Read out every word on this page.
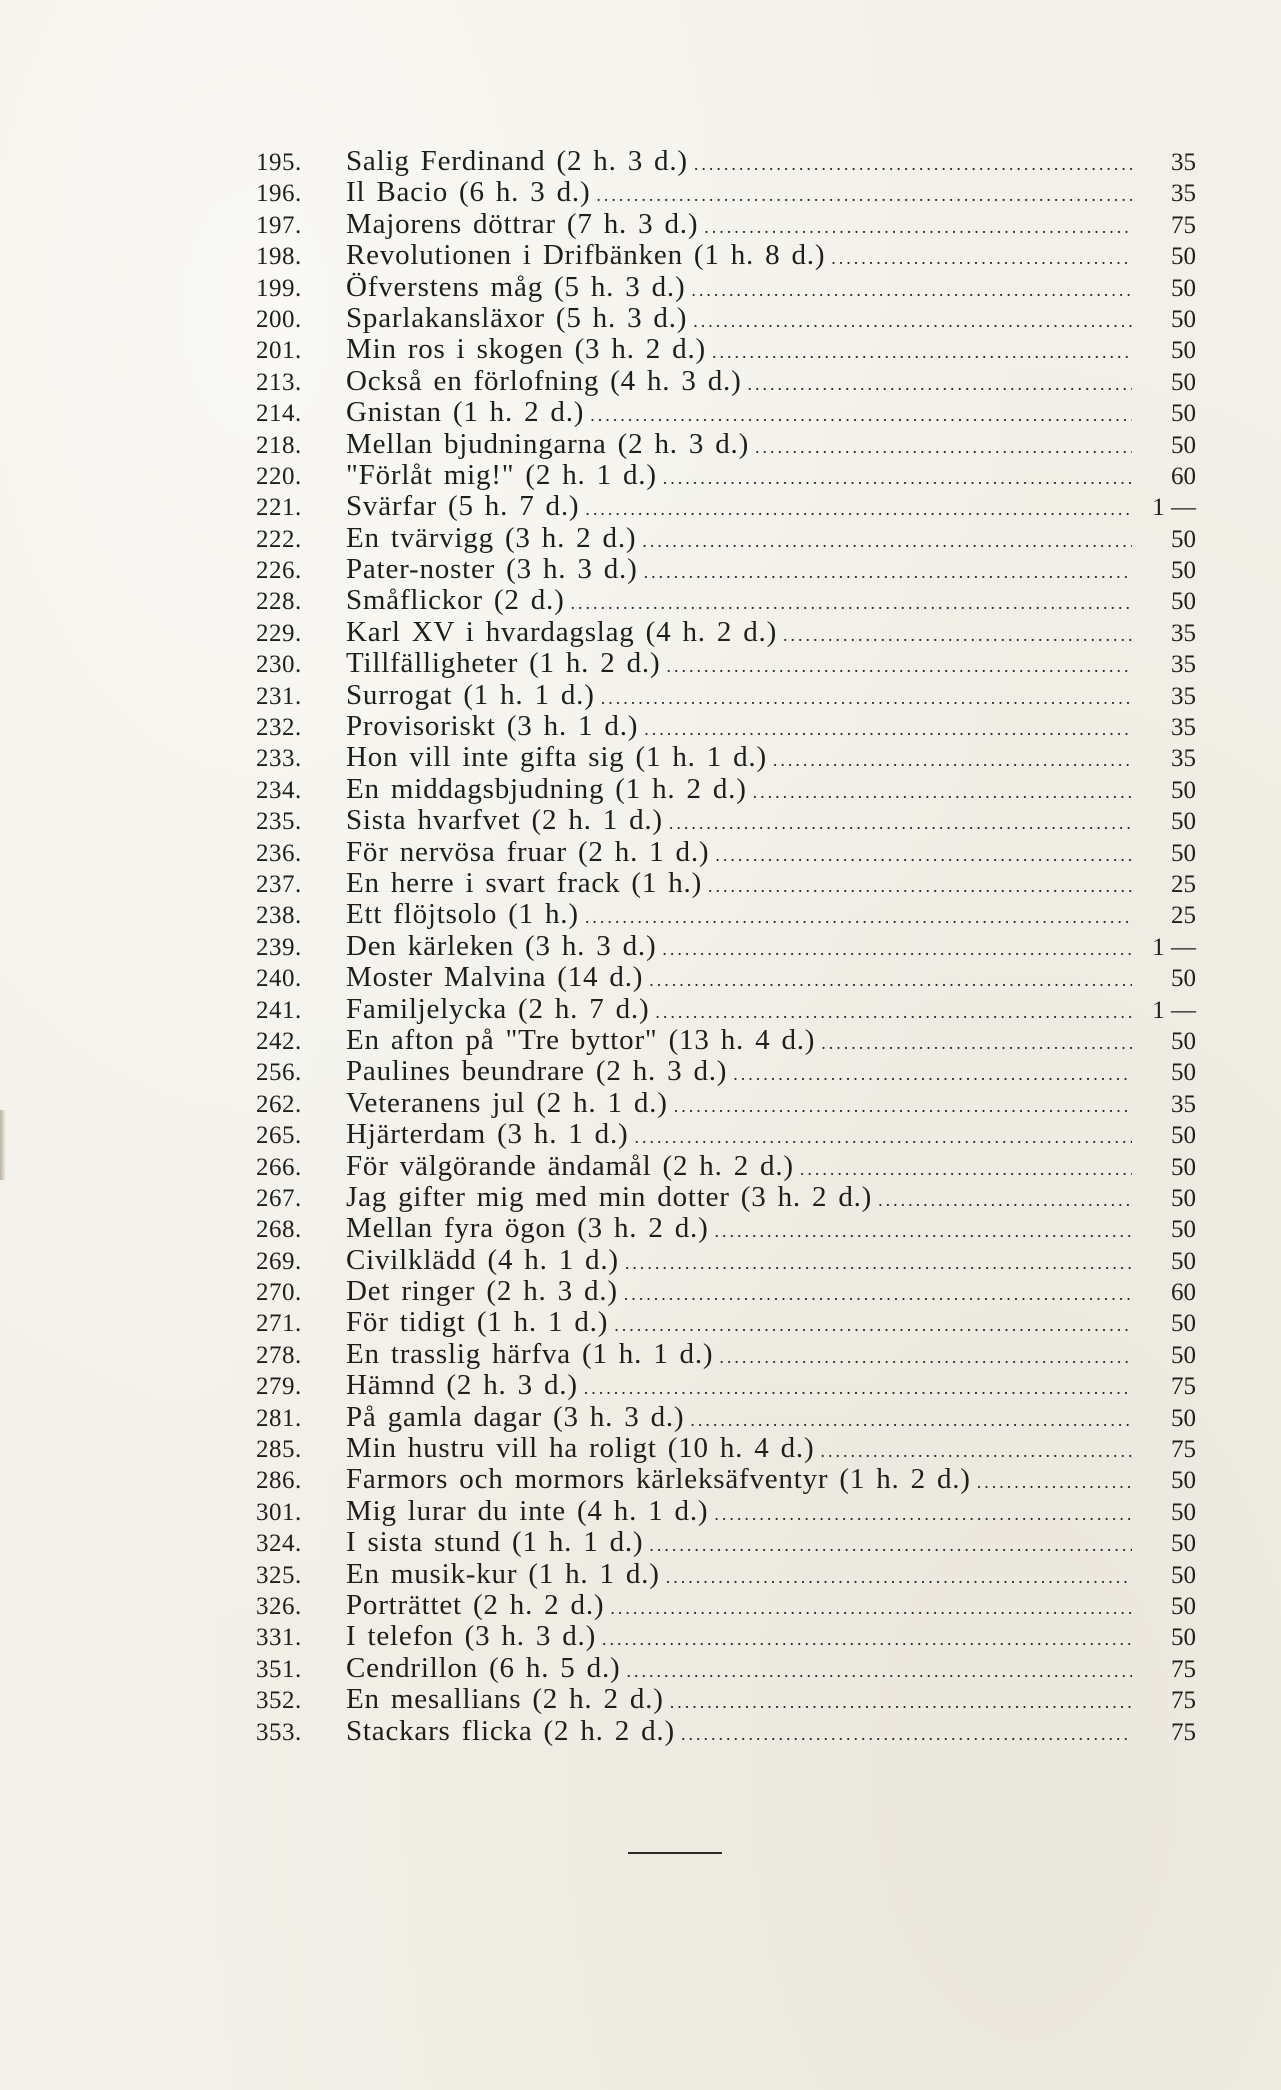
195.	Salig Ferdinand (2 h. 3 d.) .....	35
196.	Il Bacio (6 h. 3 d.) .....	35
197.	Majorens döttrar (7 h. 3 d.) .....	75
198.	Revolutionen i Drifbänken (1 h. 8 d.) .....	50
199.	Öfverstens måg (5 h. 3 d.) .....	50
200.	Sparlakansläxor (5 h. 3 d.) .....	50
201.	Min ros i skogen (3 h. 2 d.) .....	50
213.	Också en förlofning (4 h. 3 d.) .....	50
214.	Gnistan (1 h. 2 d.) .....	50
218.	Mellan bjudningarna (2 h. 3 d.) .....	50
220.	"Förlåt mig!" (2 h. 1 d.) .....	60
221.	Svärfar (5 h. 7 d.) .....	1 —
222.	En tvärvigg (3 h. 2 d.) .....	50
226.	Pater-noster (3 h. 3 d.) .....	50
228.	Småflickor (2 d.) .....	50
229.	Karl XV i hvardagslag (4 h. 2 d.) .....	35
230.	Tillfälligheter (1 h. 2 d.) .....	35
231.	Surrogat (1 h. 1 d.) .....	35
232.	Provisoriskt (3 h. 1 d.) .....	35
233.	Hon vill inte gifta sig (1 h. 1 d.) .....	35
234.	En middagsbjudning (1 h. 2 d.) .....	50
235.	Sista hvarfvet (2 h. 1 d.) .....	50
236.	För nervösa fruar (2 h. 1 d.) .....	50
237.	En herre i svart frack (1 h.) .....	25
238.	Ett flöjtsolo (1 h.) .....	25
239.	Den kärleken (3 h. 3 d.) .....	1 —
240.	Moster Malvina (14 d.) .....	50
241.	Familjelycka (2 h. 7 d.) .....	1 —
242.	En afton på "Tre byttor" (13 h. 4 d.) .....	50
256.	Paulines beundrare (2 h. 3 d.) .....	50
262.	Veteranens jul (2 h. 1 d.) .....	35
265.	Hjärterdam (3 h. 1 d.) .....	50
266.	För välgörande ändamål (2 h. 2 d.) .....	50
267.	Jag gifter mig med min dotter (3 h. 2 d.) .....	50
268.	Mellan fyra ögon (3 h. 2 d.) .....	50
269.	Civilklädd (4 h. 1 d.) .....	50
270.	Det ringer (2 h. 3 d.) .....	60
271.	För tidigt (1 h. 1 d.) .....	50
278.	En trasslig härfva (1 h. 1 d.) .....	50
279.	Hämnd (2 h. 3 d.) .....	75
281.	På gamla dagar (3 h. 3 d.) .....	50
285.	Min hustru vill ha roligt (10 h. 4 d.) .....	75
286.	Farmors och mormors kärleksäfventyr (1 h. 2 d.) .....	50
301.	Mig lurar du inte (4 h. 1 d.) .....	50
324.	I sista stund (1 h. 1 d.) .....	50
325.	En musik-kur (1 h. 1 d.) .....	50
326.	Porträttet (2 h. 2 d.) .....	50
331.	I telefon (3 h. 3 d.) .....	50
351.	Cendrillon (6 h. 5 d.) .....	75
352.	En mesallians (2 h. 2 d.) .....	75
353.	Stackars flicka (2 h. 2 d.) .....	75
